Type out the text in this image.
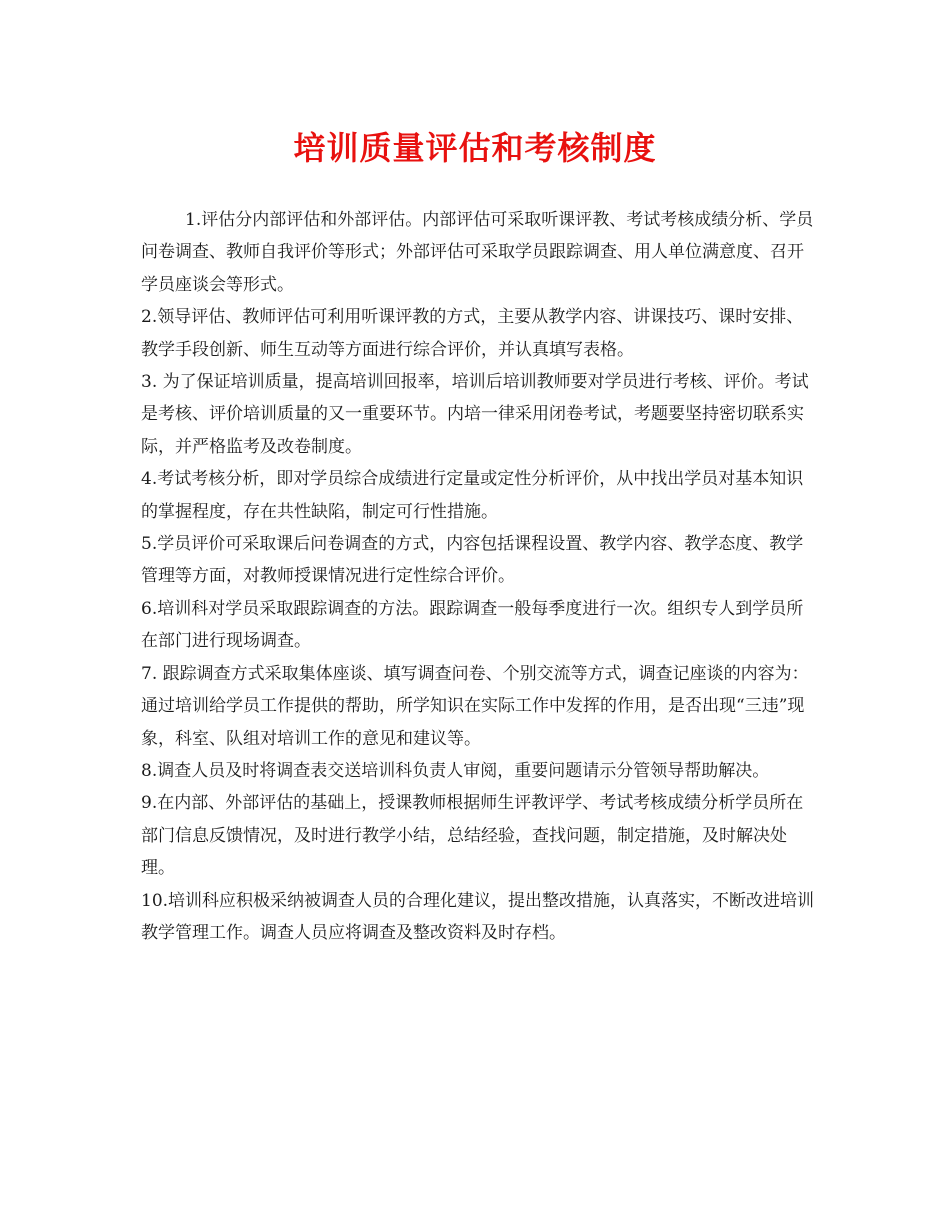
培训质量评估和考核制度

1.评估分内部评估和外部评估。内部评估可采取听课评教、考试考核成绩分析、学员问卷调查、教师自我评价等形式；外部评估可采取学员跟踪调查、用人单位满意度、召开学员座谈会等形式。

2.领导评估、教师评估可利用听课评教的方式，主要从教学内容、讲课技巧、课时安排、教学手段创新、师生互动等方面进行综合评价，并认真填写表格。

3. 为了保证培训质量，提高培训回报率，培训后培训教师要对学员进行考核、评价。考试是考核、评价培训质量的又一重要环节。内培一律采用闭卷考试，考题要坚持密切联系实际，并严格监考及改卷制度。

4.考试考核分析，即对学员综合成绩进行定量或定性分析评价，从中找出学员对基本知识的掌握程度，存在共性缺陷，制定可行性措施。

5.学员评价可采取课后问卷调查的方式，内容包括课程设置、教学内容、教学态度、教学管理等方面，对教师授课情况进行定性综合评价。

6.培训科对学员采取跟踪调查的方法。跟踪调查一般每季度进行一次。组织专人到学员所在部门进行现场调查。

7. 跟踪调查方式采取集体座谈、填写调查问卷、个别交流等方式，调查记座谈的内容为：通过培训给学员工作提供的帮助，所学知识在实际工作中发挥的作用，是否出现“三违”现象，科室、队组对培训工作的意见和建议等。

8.调查人员及时将调查表交送培训科负责人审阅，重要问题请示分管领导帮助解决。

9.在内部、外部评估的基础上，授课教师根据师生评教评学、考试考核成绩分析学员所在部门信息反馈情况，及时进行教学小结，总结经验，查找问题，制定措施，及时解决处理。

10.培训科应积极采纳被调查人员的合理化建议，提出整改措施，认真落实，不断改进培训教学管理工作。调查人员应将调查及整改资料及时存档。
